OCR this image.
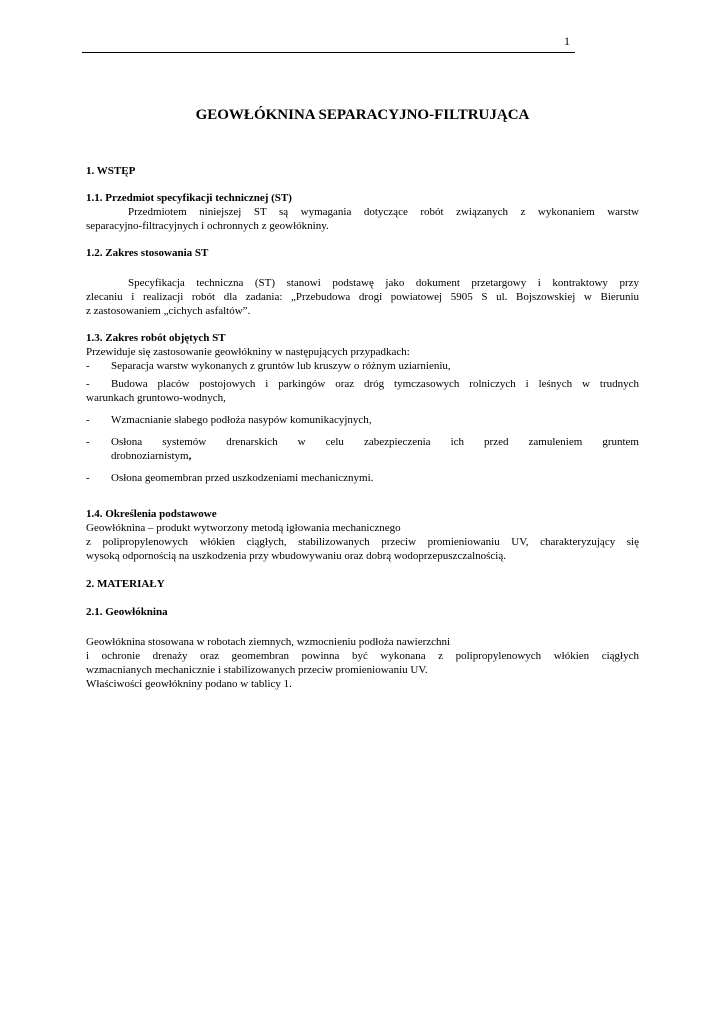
1
GEOWŁÓKNINA SEPARACYJNO-FILTRUJĄCA
1. WSTĘP
1.1. Przedmiot specyfikacji technicznej (ST)

Przedmiotem niniejszej ST są wymagania dotyczące robót związanych z wykonaniem warstw

separacyjno-filtracyjnych i ochronnych z geowłókniny.

1.2. Zakres stosowania ST

Specyfikacja techniczna (ST) stanowi podstawę jako dokument przetargowy i kontraktowy przy

zlecaniu i realizacji robót dla zadania: „Przebudowa drogi powiatowej 5905 S ul. Bojszowskiej w Bieruniu

z zastosowaniem „cichych asfaltów”.

1.3. Zakres robót objętych ST

Przewiduje się zastosowanie geowłókniny w następujących przypadkach:

-	Separacja warstw wykonanych z gruntów lub kruszyw o różnym uziarnieniu,
-	Budowa placów postojowych i parkingów oraz dróg tymczasowych rolniczych i leśnych w trudnych
warunkach gruntowo-wodnych,
-	Wzmacnianie słabego podłoża nasypów komunikacyjnych,
-	Osłona systemów drenarskich w celu zabezpieczenia ich przed zamuleniem gruntem
drobnoziarnistym,
-	Osłona geomembran przed uszkodzeniami mechanicznymi.
1.4. Określenia podstawowe

Geowłóknina – produkt wytworzony metodą igłowania mechanicznego

z polipropylenowych włókien ciągłych, stabilizowanych przeciw promieniowaniu UV, charakteryzujący się

wysoką odpornością na uszkodzenia przy wbudowywaniu oraz dobrą wodoprzepuszczalnością.

2. MATERIAŁY
2.1. Geowłóknina

Geowłóknina stosowana w robotach ziemnych, wzmocnieniu podłoża nawierzchni

i ochronie drenaży oraz geomembran powinna być wykonana z polipropylenowych włókien ciągłych

wzmacnianych mechanicznie i stabilizowanych przeciw promieniowaniu UV.

Właściwości geowłókniny podano w tablicy 1.
